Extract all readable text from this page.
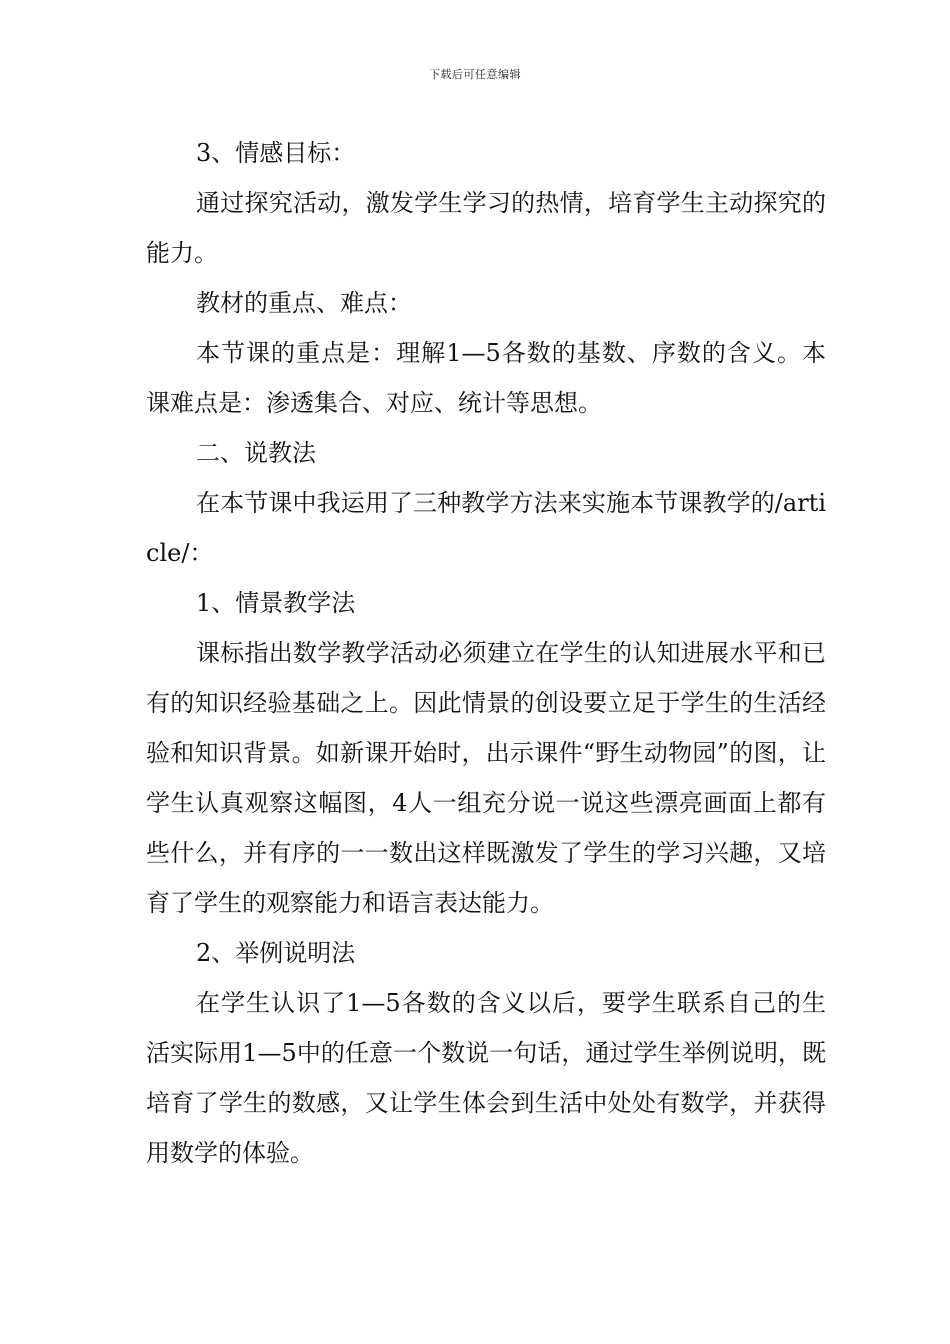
下载后可任意编辑

3、情感目标：

通过探究活动，激发学生学习的热情，培育学生主动探究的能力。

教材的重点、难点：

本节课的重点是：理解1—5各数的基数、序数的含义。本课难点是：渗透集合、对应、统计等思想。

二、说教法

在本节课中我运用了三种教学方法来实施本节课教学的/article/：

1、情景教学法

课标指出数学教学活动必须建立在学生的认知进展水平和已有的知识经验基础之上。因此情景的创设要立足于学生的生活经验和知识背景。如新课开始时，出示课件“野生动物园”的图，让学生认真观察这幅图，4人一组充分说一说这些漂亮画面上都有些什么，并有序的一一数出这样既激发了学生的学习兴趣，又培育了学生的观察能力和语言表达能力。

2、举例说明法

在学生认识了1—5各数的含义以后，要学生联系自己的生活实际用1—5中的任意一个数说一句话，通过学生举例说明，既培育了学生的数感，又让学生体会到生活中处处有数学，并获得用数学的体验。
